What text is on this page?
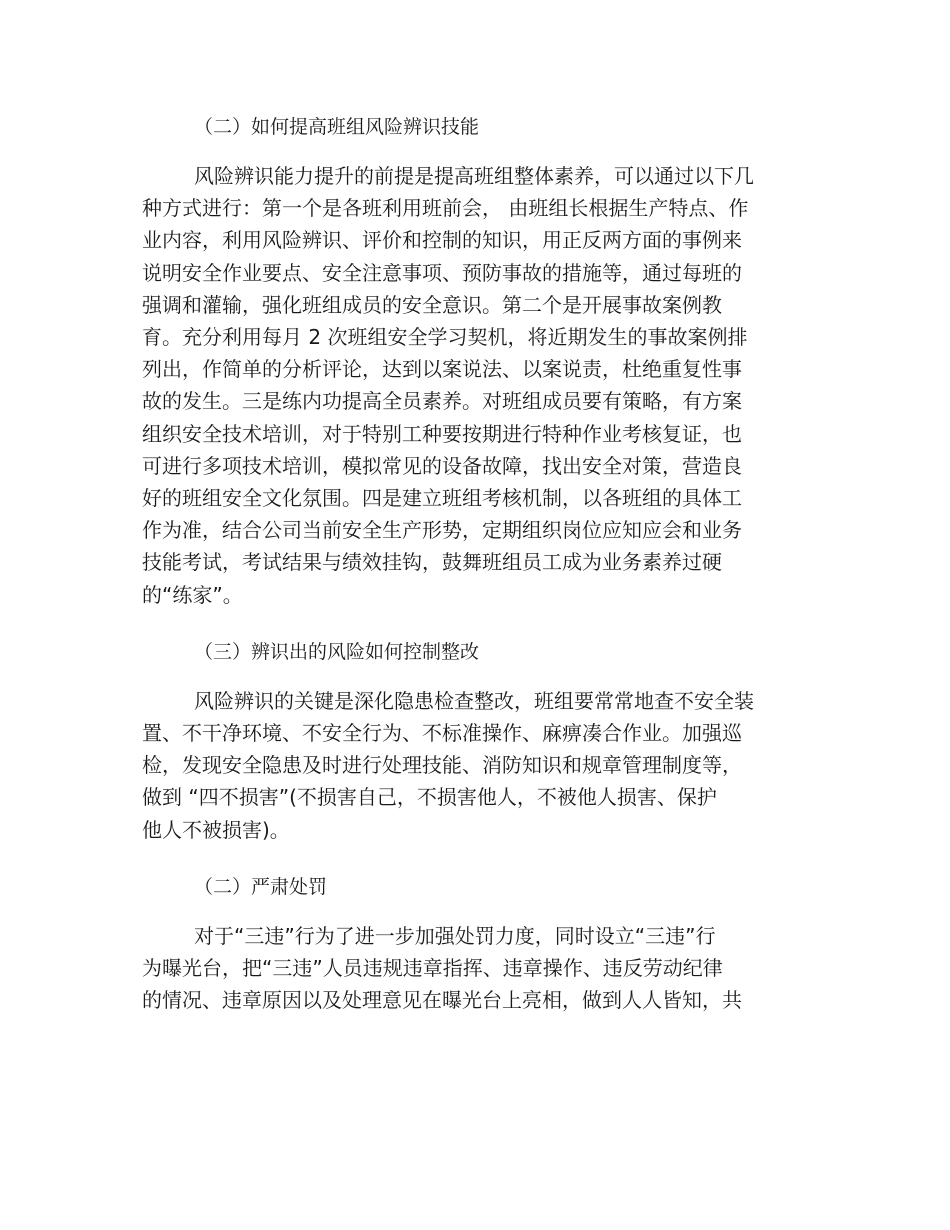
（二）如何提高班组风险辨识技能
风险辨识能力提升的前提是提高班组整体素养，可以通过以下几
种方式进行：第一个是各班利用班前会， 由班组长根据生产特点、作
业内容，利用风险辨识、评价和控制的知识，用正反两方面的事例来
说明安全作业要点、安全注意事项、预防事故的措施等，通过每班的
强调和灌输，强化班组成员的安全意识。第二个是开展事故案例教
育。充分利用每月 2 次班组安全学习契机，将近期发生的事故案例排
列出，作简单的分析评论，达到以案说法、以案说责，杜绝重复性事
故的发生。三是练内功提高全员素养。对班组成员要有策略，有方案
组织安全技术培训，对于特别工种要按期进行特种作业考核复证，也
可进行多项技术培训，模拟常见的设备故障，找出安全对策，营造良
好的班组安全文化氛围。四是建立班组考核机制，以各班组的具体工
作为准，结合公司当前安全生产形势，定期组织岗位应知应会和业务
技能考试，考试结果与绩效挂钩，鼓舞班组员工成为业务素养过硬
的“练家”。
（三）辨识出的风险如何控制整改
风险辨识的关键是深化隐患检查整改，班组要常常地查不安全装
置、不干净环境、不安全行为、不标准操作、麻痹凑合作业。加强巡
检，发现安全隐患及时进行处理技能、消防知识和规章管理制度等，
做到 “四不损害”(不损害自己，不损害他人，不被他人损害、保护
他人不被损害)。
（二）严肃处罚
对于“三违”行为了进一步加强处罚力度，同时设立“三违”行
为曝光台，把“三违”人员违规违章指挥、违章操作、违反劳动纪律
的情况、违章原因以及处理意见在曝光台上亮相，做到人人皆知，共
